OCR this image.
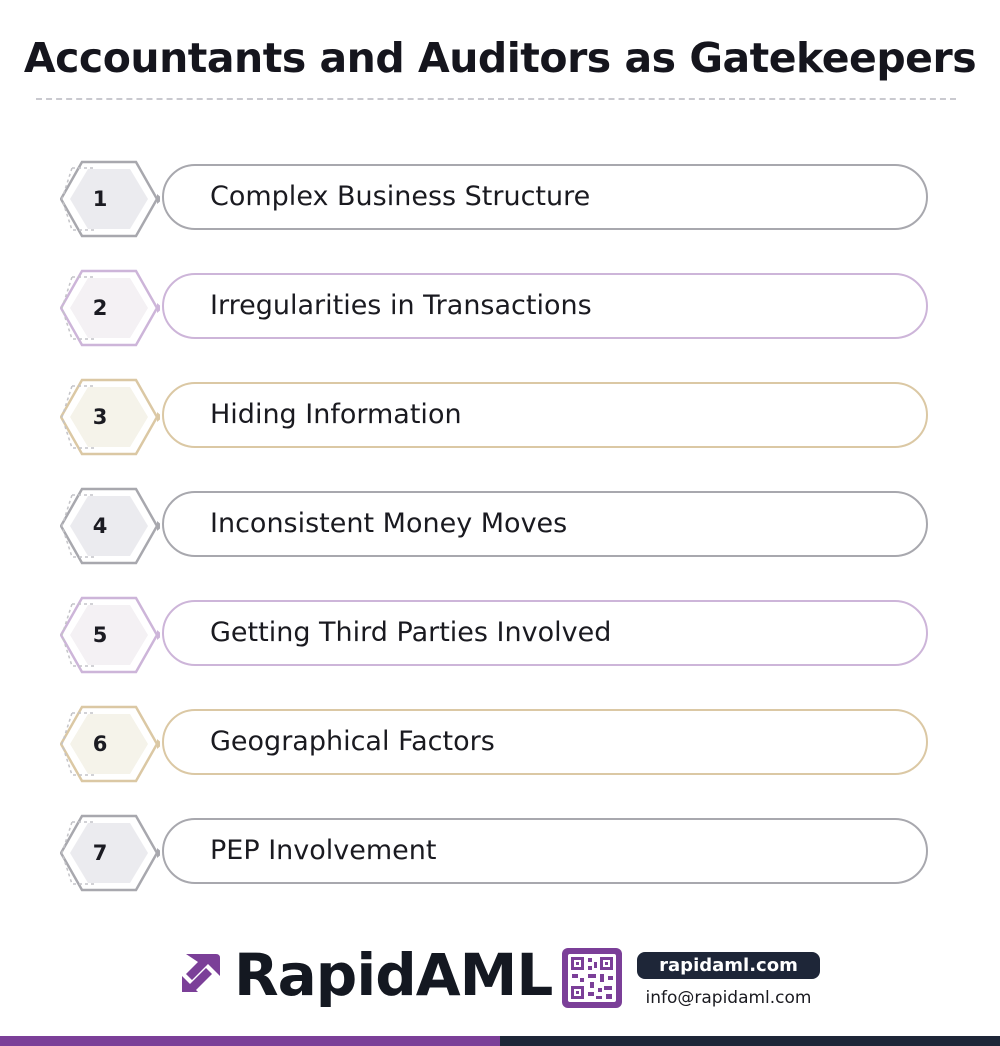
Accountants and Auditors as Gatekeepers
1	Complex Business Structure
2	Irregularities in Transactions
3	Hiding Information
4	Inconsistent Money Moves
5	Getting Third Parties Involved
6	Geographical Factors
7	PEP Involvement
RapidAML	rapidaml.com
info@rapidaml.com
